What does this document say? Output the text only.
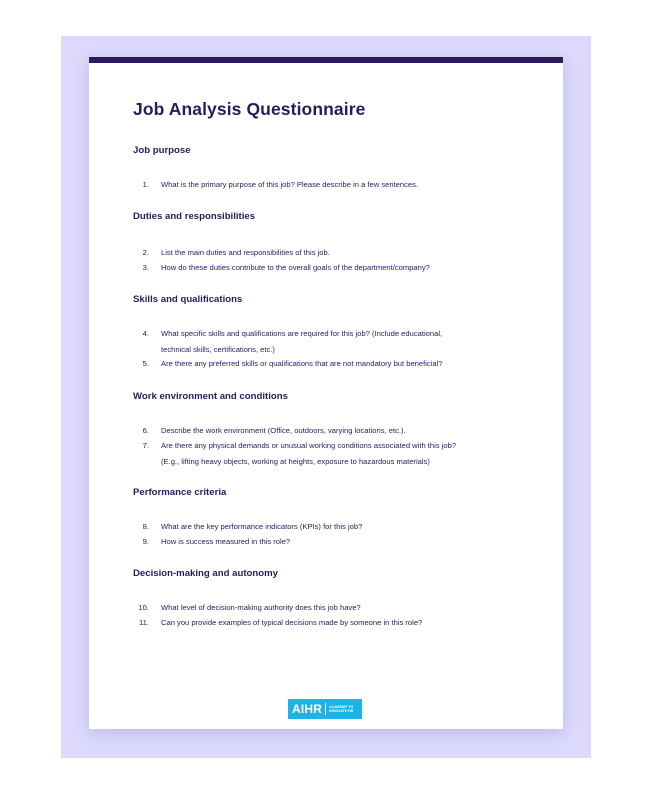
Job Analysis Questionnaire
Job purpose
1. What is the primary purpose of this job? Please describe in a few sentences.
Duties and responsibilities
2. List the main duties and responsibilities of this job.
3. How do these duties contribute to the overall goals of the department/company?
Skills and qualifications
4. What specific skills and qualifications are required for this job? (Include educational,
technical skills, certifications, etc.)
5. Are there any preferred skills or qualifications that are not mandatory but beneficial?
Work environment and conditions
6. Describe the work environment (Office, outdoors, varying locations, etc.).
7. Are there any physical demands or unusual working conditions associated with this job?
(E.g., lifting heavy objects, working at heights, exposure to hazardous materials)
Performance criteria
8. What are the key performance indicators (KPIs) for this job?
9. How is success measured in this role?
Decision-making and autonomy
10. What level of decision-making authority does this job have?
11. Can you provide examples of typical decisions made by someone in this role?
AIHR ACADEMY TO
INNOVATE HR
